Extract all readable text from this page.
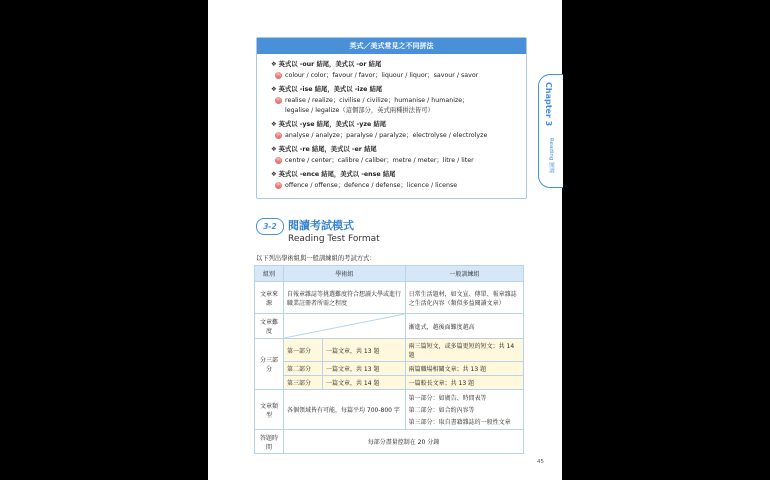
英式／美式常見之不同拼法
❖ 英式以 -our 結尾，美式以 -or 結尾
例 colour / color；favour / favor；liquour / liquor；savour / savor
❖ 英式以 -ise 結尾，美式以 -ize 結尾
例 realise / realize；civilise / civilize；humanise / humanize；
legalise / legalize（這個部分，英式兩種拼法皆可）
❖ 英式以 -yse 結尾，美式以 -yze 結尾
例 analyse / analyze；paralyse / paralyze；electrolyse / electrolyze
❖ 英式以 -re 結尾，美式以 -er 結尾
例 centre / center；calibre / caliber；metre / meter；litre / liter
❖ 英式以 -ence 結尾，美式以 -ense 結尾
例 offence / offense；defence / defense；licence / license
3-2	閱讀考試模式
Reading Test Format
以下列出學術組與一般訓練組的考試方式：
組別	學術組		一般訓練組
文章來源	自報章雜誌等挑選難度符合想讀大學或進行職業註冊者所需之程度		日常生活題材，如文宣、傳單、報章雜誌之生活化內容（類似多益閱讀文章）
文章難度			漸進式，越後面難度越高
分三部分	第一部分	一篇文章，共 13 題	兩三篇短文，或多篇更短的短文；共 14 題
	第二部分	一篇文章，共 13 題	兩篇職場相關文章；共 13 題
	第三部分	一篇文章，共 14 題	一篇較長文章；共 13 題
文章類型	各個領域皆有可能，每篇平均 700-800 字		第一部分：如廣告、時間表等
第二部分：如合約內容等
第三部分：取自書籍雜誌的一般性文章

答題時間	每部分盡量控制在 20 分鐘		
Chapter 3
Reading 閱讀
45
